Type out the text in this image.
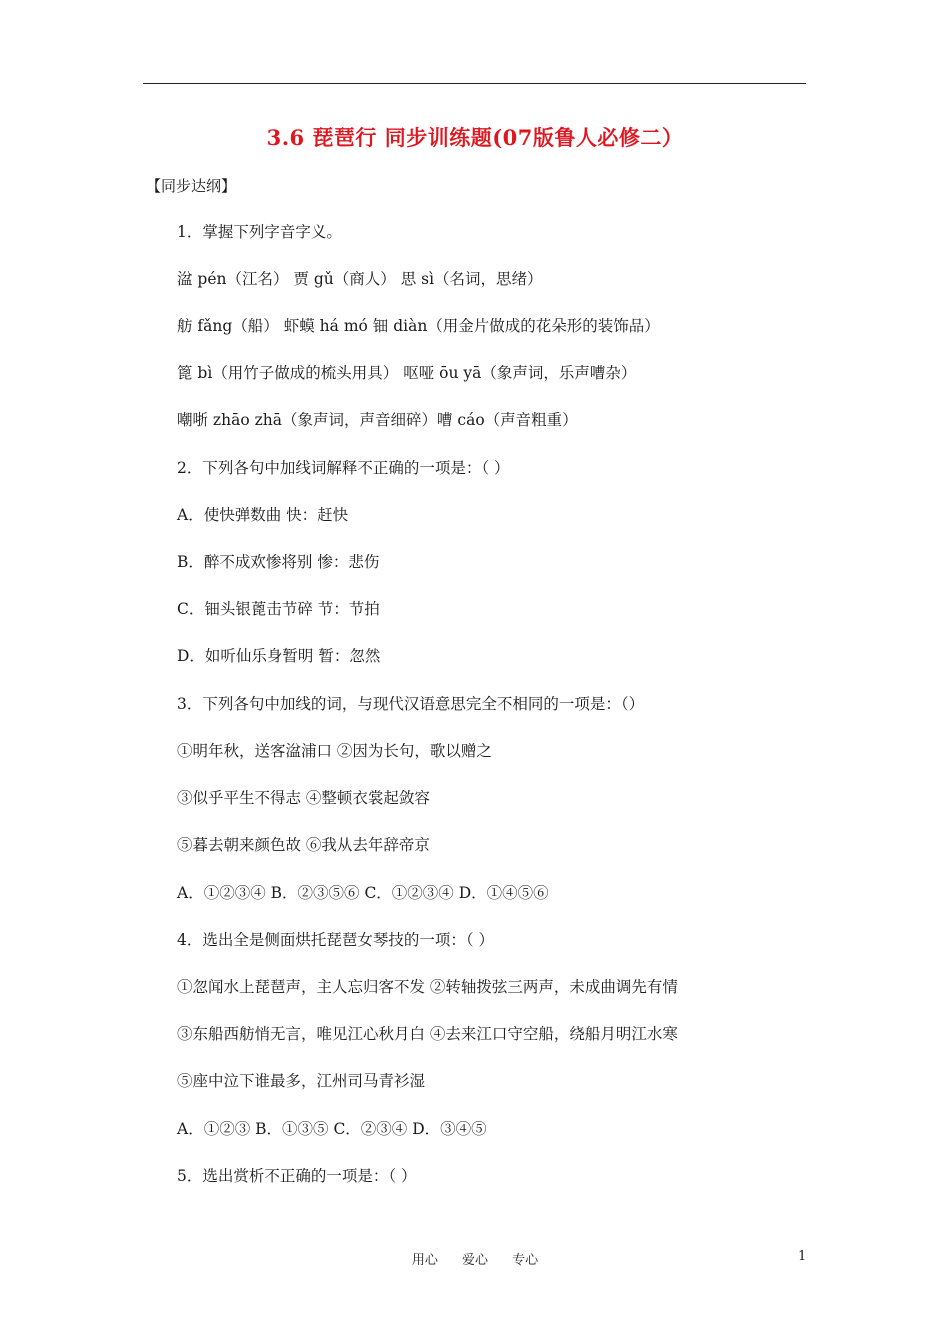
3.6 琵琶行 同步训练题(07版鲁人必修二）
【同步达纲】
1．掌握下列字音字义。
湓 pén（江名） 贾 gǔ（商人） 思 sì（名词，思绪）
舫 fǎng（船） 虾蟆 há mó 钿 diàn（用金片做成的花朵形的装饰品）
篦 bì（用竹子做成的梳头用具） 呕哑 ōu yā（象声词，乐声嘈杂）
嘲哳 zhāo zhā（象声词，声音细碎）嘈 cáo（声音粗重）
2．下列各句中加线词解释不正确的一项是：（ ）
A．使快弹数曲 快：赶快
B．醉不成欢惨将别 惨：悲伤
C．钿头银蓖击节碎 节：节拍
D．如听仙乐身暂明 暂：忽然
3．下列各句中加线的词，与现代汉语意思完全不相同的一项是：（）
①明年秋，送客湓浦口 ②因为长句，歌以赠之
③似乎平生不得志 ④整顿衣裳起敛容
⑤暮去朝来颜色故 ⑥我从去年辞帝京
A．①②③④ B．②③⑤⑥ C．①②③④ D．①④⑤⑥
4．选出全是侧面烘托琵琶女琴技的一项：（ ）
①忽闻水上琵琶声，主人忘归客不发 ②转轴拨弦三两声，未成曲调先有情
③东船西舫悄无言，唯见江心秋月白 ④去来江口守空船，绕船月明江水寒
⑤座中泣下谁最多，江州司马青衫湿
A．①②③ B．①③⑤ C．②③④ D．③④⑤
5．选出赏析不正确的一项是：（ ）
用心 爱心 专心	1
